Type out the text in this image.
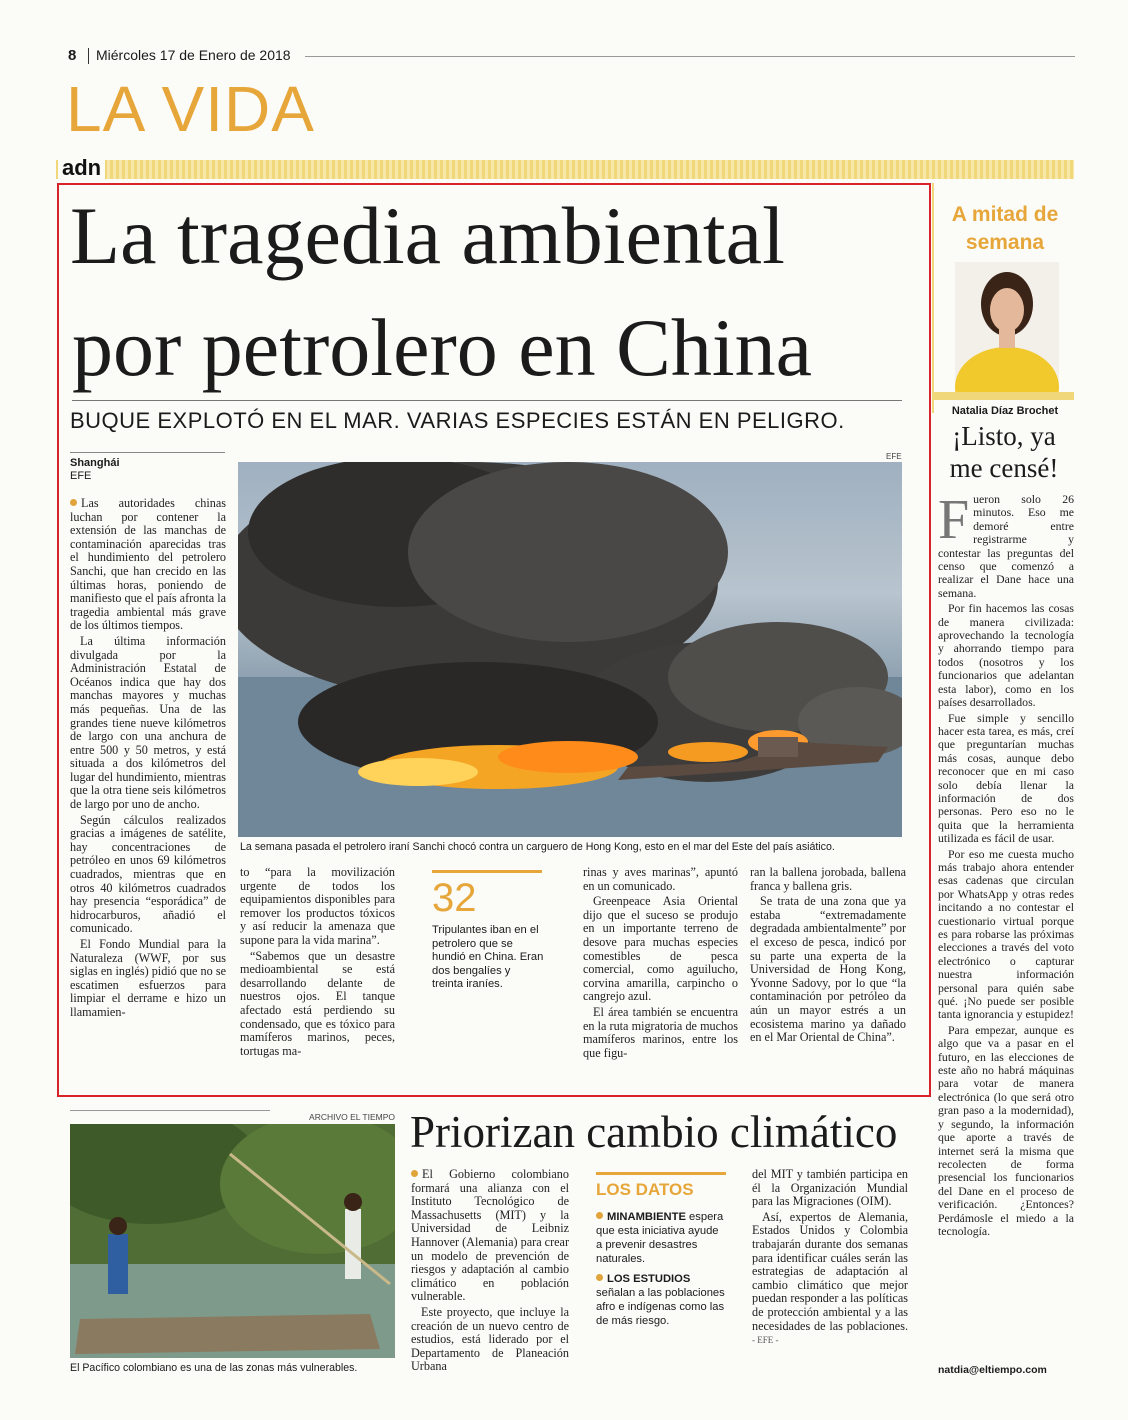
8 Miércoles 17 de Enero de 2018
LA VIDA
adn
La tragedia ambiental
por petrolero en China
BUQUE EXPLOTÓ EN EL MAR. VARIAS ESPECIES ESTÁN EN PELIGRO.
Shanghái
EFE
EFE
La semana pasada el petrolero iraní Sanchi chocó contra un carguero de Hong Kong, esto en el mar del Este del país asiático.

Las autoridades chinas luchan por contener la extensión de las manchas de contaminación aparecidas tras el hundimiento del petrolero Sanchi, que han crecido en las últimas horas, poniendo de manifiesto que el país afronta la tragedia ambiental más grave de los últimos tiempos.

La última información divulgada por la Administración Estatal de Océanos indica que hay dos manchas mayores y muchas más pequeñas. Una de las grandes tiene nueve kilómetros de largo con una anchura de entre 500 y 50 metros, y está situada a dos kilómetros del lugar del hundimiento, mientras que la otra tiene seis kilómetros de largo por uno de ancho.

Según cálculos realizados gracias a imágenes de satélite, hay concentraciones de petróleo en unos 69 kilómetros cuadrados, mientras que en otros 40 kilómetros cuadrados hay presencia “esporádica” de hidrocarburos, añadió el comunicado.

El Fondo Mundial para la Naturaleza (WWF, por sus siglas en inglés) pidió que no se escatimen esfuerzos para limpiar el derrame e hizo un llamamien-

to “para la movilización urgente de todos los equipamientos disponibles para remover los productos tóxicos y así reducir la amenaza que supone para la vida marina”.

“Sabemos que un desastre medioambiental se está desarrollando delante de nuestros ojos. El tanque afectado está perdiendo su condensado, que es tóxico para mamíferos marinos, peces, tortugas ma-

32
Tripulantes iban en el petrolero que se hundió en China. Eran dos bengalíes y treinta iraníes.

rinas y aves marinas”, apuntó en un comunicado.

Greenpeace Asia Oriental dijo que el suceso se produjo en un importante terreno de desove para muchas especies comestibles de pesca comercial, como aguilucho, corvina amarilla, carpincho o cangrejo azul.

El área también se encuentra en la ruta migratoria de muchos mamíferos marinos, entre los que figu-

ran la ballena jorobada, ballena franca y ballena gris.

Se trata de una zona que ya estaba “extremadamente degradada ambientalmente” por el exceso de pesca, indicó por su parte una experta de la Universidad de Hong Kong, Yvonne Sadovy, por lo que “la contaminación por petróleo da aún un mayor estrés a un ecosistema marino ya dañado en el Mar Oriental de China”.

A mitad de
semana
Natalia Díaz Brochet
¡Listo, ya
me censé!

Fueron solo 26 minutos. Eso me demoré entre registrarme y contestar las preguntas del censo que comenzó a realizar el Dane hace una semana.

Por fin hacemos las cosas de manera civilizada: aprovechando la tecnología y ahorrando tiempo para todos (nosotros y los funcionarios que adelantan esta labor), como en los países desarrollados.

Fue simple y sencillo hacer esta tarea, es más, creí que preguntarían muchas más cosas, aunque debo reconocer que en mi caso solo debía llenar la información de dos personas. Pero eso no le quita que la herramienta utilizada es fácil de usar.

Por eso me cuesta mucho más trabajo ahora entender esas cadenas que circulan por WhatsApp y otras redes incitando a no contestar el cuestionario virtual porque es para robarse las próximas elecciones a través del voto electrónico o capturar nuestra información personal para quién sabe qué. ¡No puede ser posible tanta ignorancia y estupidez!

Para empezar, aunque es algo que va a pasar en el futuro, en las elecciones de este año no habrá máquinas para votar de manera electrónica (lo que será otro gran paso a la modernidad), y segundo, la información que aporte a través de internet será la misma que recolecten de forma presencial los funcionarios del Dane en el proceso de verificación. ¿Entonces? Perdámosle el miedo a la tecnología.

natdia@eltiempo.com
ARCHIVO EL TIEMPO
El Pacífico colombiano es una de las zonas más vulnerables.
Priorizan cambio climático

El Gobierno colombiano formará una alianza con el Instituto Tecnológico de Massachusetts (MIT) y la Universidad de Leibniz Hannover (Alemania) para crear un modelo de prevención de riesgos y adaptación al cambio climático en población vulnerable.

Este proyecto, que incluye la creación de un nuevo centro de estudios, está liderado por el Departamento de Planeación Urbana

LOS DATOS
MINAMBIENTE espera que esta iniciativa ayude a prevenir desastres naturales.
LOS ESTUDIOS señalan a las poblaciones afro e indígenas como las de más riesgo.

del MIT y también participa en él la Organización Mundial para las Migraciones (OIM).

Así, expertos de Alemania, Estados Unidos y Colombia trabajarán durante dos semanas para identificar cuáles serán las estrategias de adaptación al cambio climático que mejor puedan responder a las políticas de protección ambiental y a las necesidades de las poblaciones. - EFE -
